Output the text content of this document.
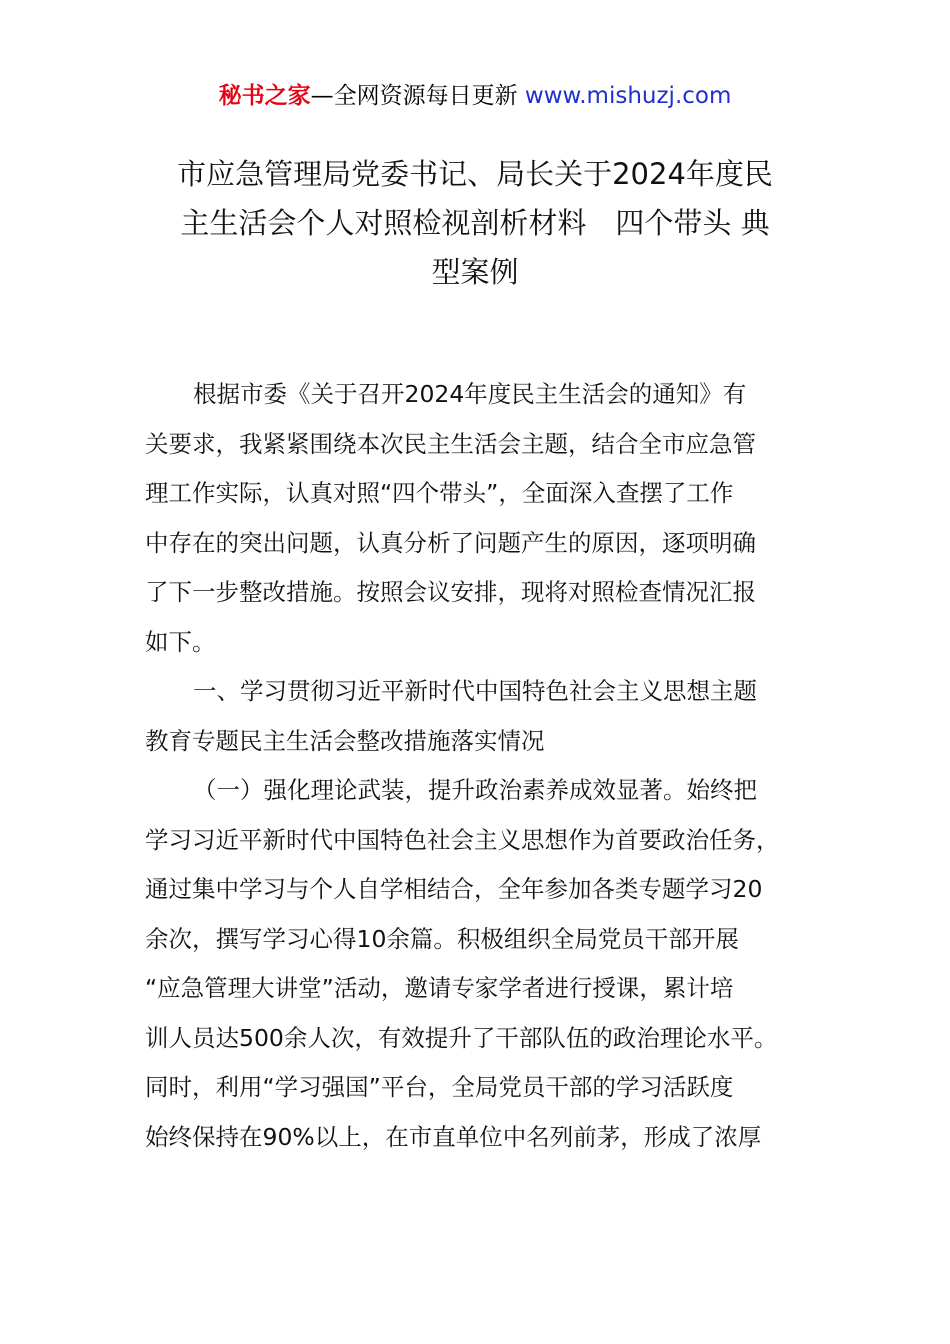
秘书之家—全网资源每日更新 www.mishuzj.com
市应急管理局党委书记、局长关于2024年度民
主生活会个人对照检视剖析材料　四个带头 典
型案例
根据市委《关于召开2024年度民主生活会的通知》有
关要求，我紧紧围绕本次民主生活会主题，结合全市应急管
理工作实际，认真对照“四个带头”，全面深入查摆了工作
中存在的突出问题，认真分析了问题产生的原因，逐项明确
了下一步整改措施。按照会议安排，现将对照检查情况汇报
如下。
一、学习贯彻习近平新时代中国特色社会主义思想主题
教育专题民主生活会整改措施落实情况
（一）强化理论武装，提升政治素养成效显著。始终把
学习习近平新时代中国特色社会主义思想作为首要政治任务，
通过集中学习与个人自学相结合，全年参加各类专题学习20
余次，撰写学习心得10余篇。积极组织全局党员干部开展
“应急管理大讲堂”活动，邀请专家学者进行授课，累计培
训人员达500余人次，有效提升了干部队伍的政治理论水平。
同时，利用“学习强国”平台，全局党员干部的学习活跃度
始终保持在90%以上，在市直单位中名列前茅，形成了浓厚
